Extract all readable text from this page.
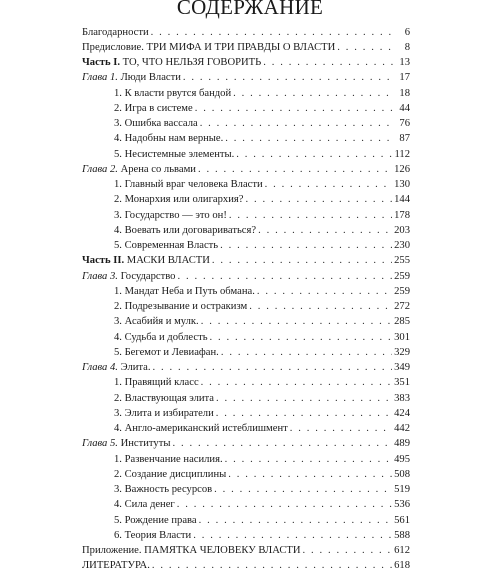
СОДЕРЖАНИЕ
Благодарности . . .	6
Предисловие. ТРИ МИФА И ТРИ ПРАВДЫ О ВЛАСТИ . . .	8
Часть I. ТО, ЧТО НЕЛЬЗЯ ГОВОРИТЬ . . .	13
Глава 1. Люди Власти . . .	17
1. К власти рвутся бандой . . .	18
2. Игра в системе . . .	44
3. Ошибка вассала . . .	76
4. Надобны нам верные. . . .	87
5. Несистемные элементы. . . .	112
Глава 2. Арена со львами . . .	126
1. Главный враг человека Власти . . .	130
2. Монархия или олигархия? . . .	144
3. Государство — это он! . . .	178
4. Воевать или договариваться? . . .	203
5. Современная Власть . . .	230
Часть II. МАСКИ ВЛАСТИ . . .	255
Глава 3. Государство . . .	259
1. Мандат Неба и Путь обмана. . . .	259
2. Подрезывание и остракизм . . .	272
3. Асабийя и мулк. . . .	285
4. Судьба и доблесть . . .	301
5. Бегемот и Левиафан. . . .	329
Глава 4. Элита. . . .	349
1. Правящий класс . . .	351
2. Властвующая элита . . .	383
3. Элита и избиратели . . .	424
4. Англо-американский истеблишмент . . .	442
Глава 5. Институты . . .	489
1. Развенчание насилия. . . .	495
2. Создание дисциплины . . .	508
3. Важность ресурсов . . .	519
4. Сила денег . . .	536
5. Рождение права . . .	561
6. Теория Власти . . .	588
Приложение. ПАМЯТКА ЧЕЛОВЕКУ ВЛАСТИ . . .	612
ЛИТЕРАТУРА. . . .	618
